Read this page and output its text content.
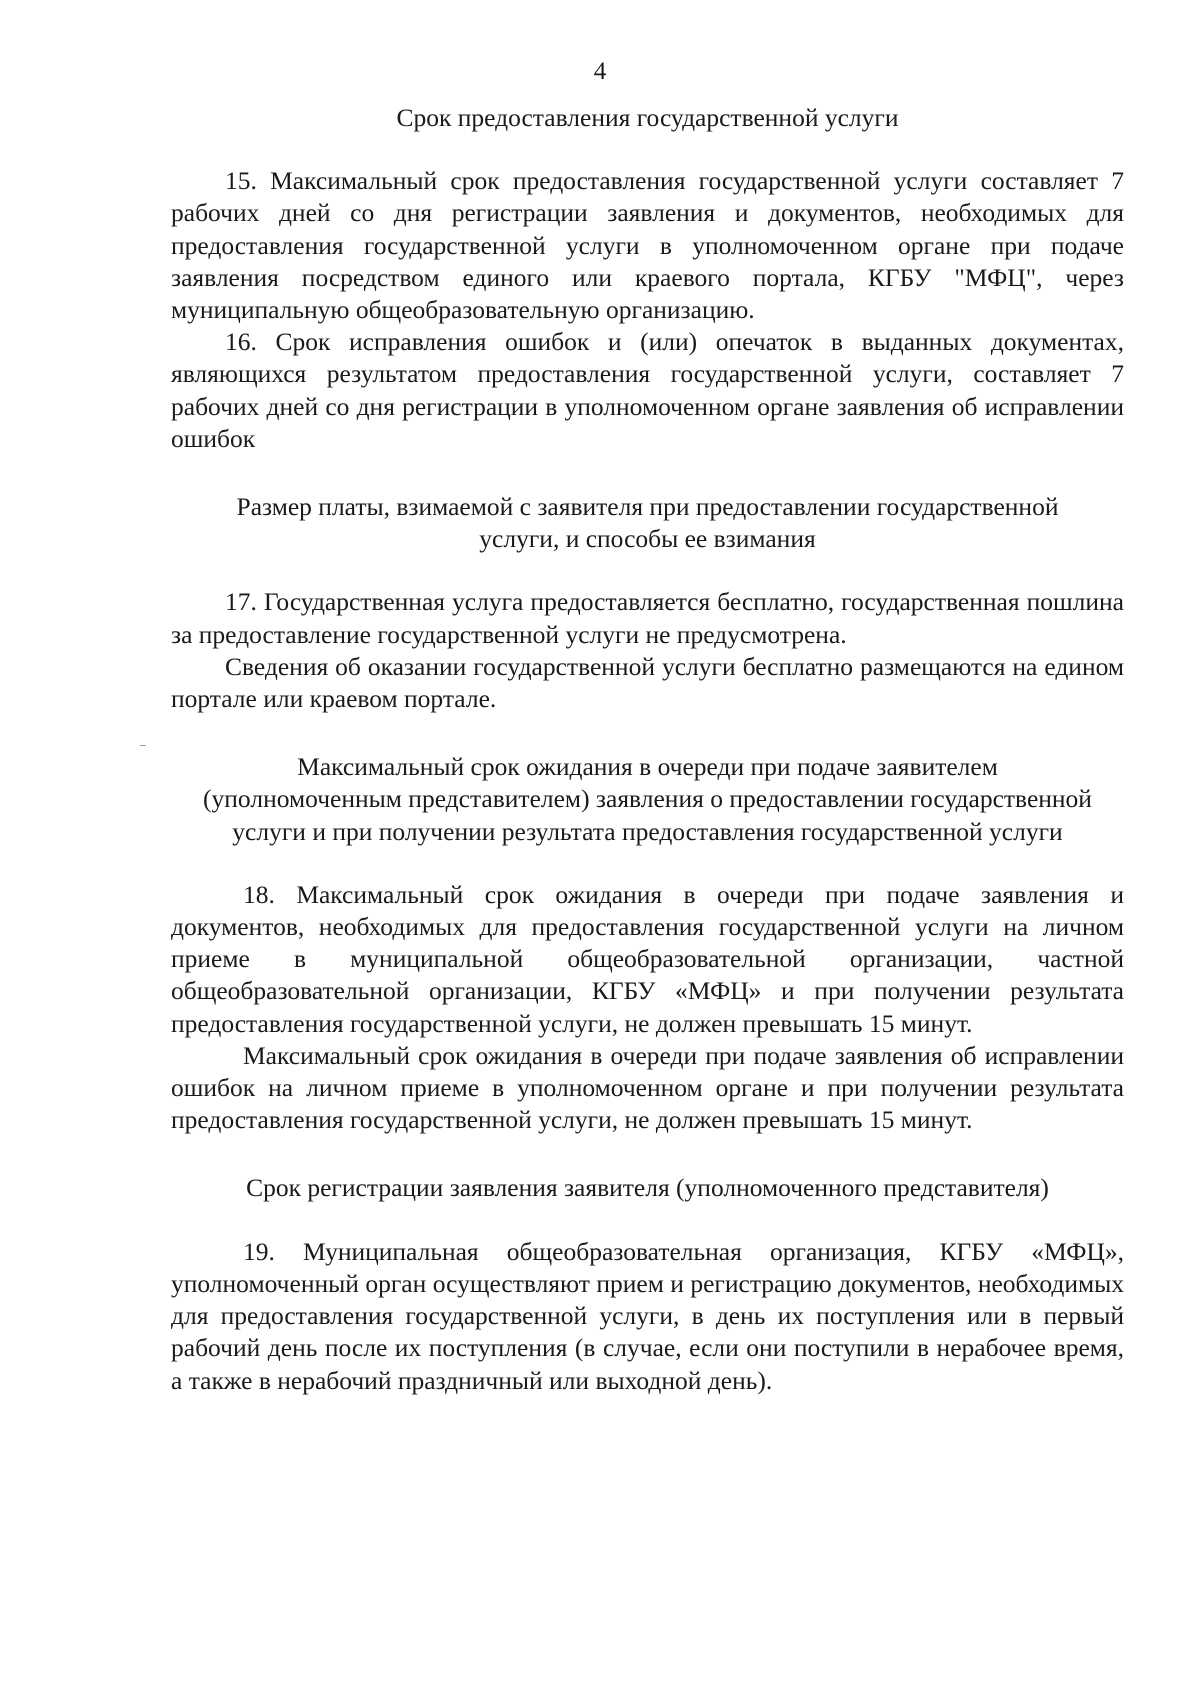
4

Срок предоставления государственной услуги

15. Максимальный срок предоставления государственной услуги составляет 7 рабочих дней со дня регистрации заявления и документов, необходимых для предоставления государственной услуги в уполномоченном органе при подаче заявления посредством единого или краевого портала, КГБУ "МФЦ", через муниципальную общеобразовательную организацию.

16. Срок исправления ошибок и (или) опечаток в выданных документах, являющихся результатом предоставления государственной услуги, составляет 7 рабочих дней со дня регистрации в уполномоченном органе заявления об исправлении ошибок

Размер платы, взимаемой с заявителя при предоставлении государственной услуги, и способы ее взимания

17. Государственная услуга предоставляется бесплатно, государственная пошлина за предоставление государственной услуги не предусмотрена.

Сведения об оказании государственной услуги бесплатно размещаются на едином портале или краевом портале.

Максимальный срок ожидания в очереди при подаче заявителем (уполномоченным представителем) заявления о предоставлении государственной услуги и при получении результата предоставления государственной услуги

18. Максимальный срок ожидания в очереди при подаче заявления и документов, необходимых для предоставления государственной услуги на личном приеме в муниципальной общеобразовательной организации, частной общеобразовательной организации, КГБУ «МФЦ» и при получении результата предоставления государственной услуги, не должен превышать 15 минут.

Максимальный срок ожидания в очереди при подаче заявления об исправлении ошибок на личном приеме в уполномоченном органе и при получении результата предоставления государственной услуги, не должен превышать 15 минут.

Срок регистрации заявления заявителя (уполномоченного представителя)

19. Муниципальная общеобразовательная организация, КГБУ «МФЦ», уполномоченный орган осуществляют прием и регистрацию документов, необходимых для предоставления государственной услуги, в день их поступления или в первый рабочий день после их поступления (в случае, если они поступили в нерабочее время, а также в нерабочий праздничный или выходной день).
